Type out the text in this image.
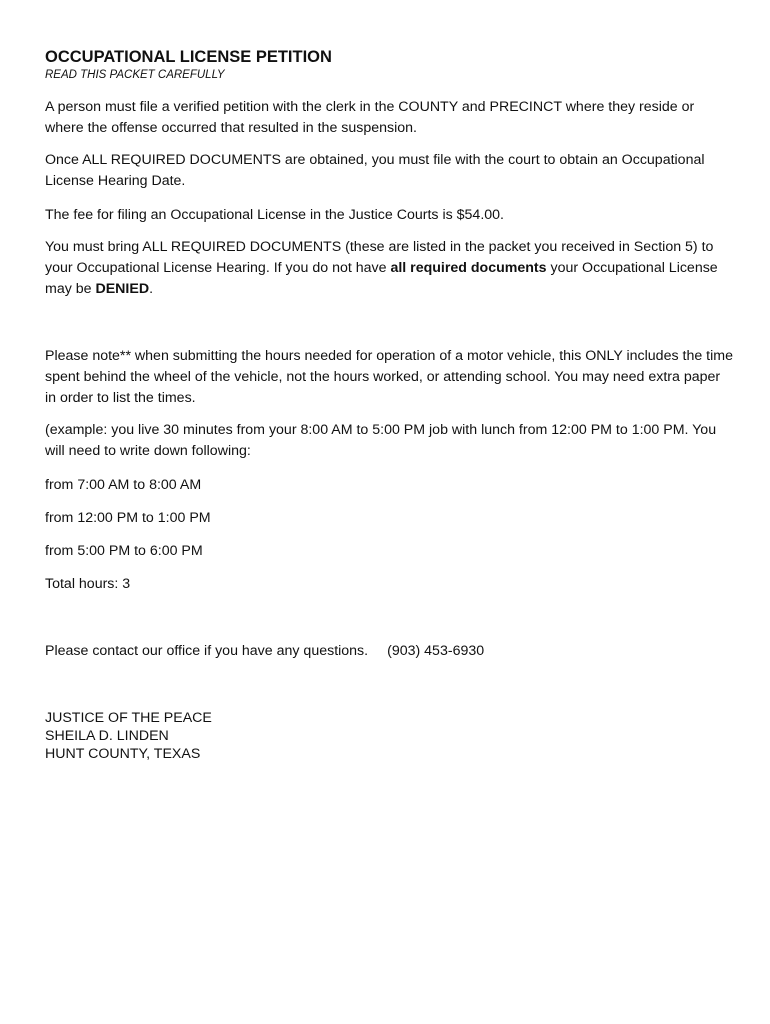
OCCUPATIONAL LICENSE PETITION
READ THIS PACKET CAREFULLY

A person must file a verified petition with the clerk in the COUNTY and PRECINCT where they reside or where the offense occurred that resulted in the suspension.

Once ALL REQUIRED DOCUMENTS are obtained, you must file with the court to obtain an Occupational License Hearing Date.

The fee for filing an Occupational License in the Justice Courts is $54.00.

You must bring ALL REQUIRED DOCUMENTS (these are listed in the packet you received in Section 5) to your Occupational License Hearing. If you do not have all required documents your Occupational License may be DENIED.

Please note** when submitting the hours needed for operation of a motor vehicle, this ONLY includes the time spent behind the wheel of the vehicle, not the hours worked, or attending school. You may need extra paper in order to list the times.

(example: you live 30 minutes from your 8:00 AM to 5:00 PM job with lunch from 12:00 PM to 1:00 PM. You will need to write down following:

from 7:00 AM to 8:00 AM

from 12:00 PM to 1:00 PM

from 5:00 PM to 6:00 PM

Total hours: 3

Please contact our office if you have any questions. (903) 453-6930

JUSTICE OF THE PEACE
SHEILA D. LINDEN
HUNT COUNTY, TEXAS
